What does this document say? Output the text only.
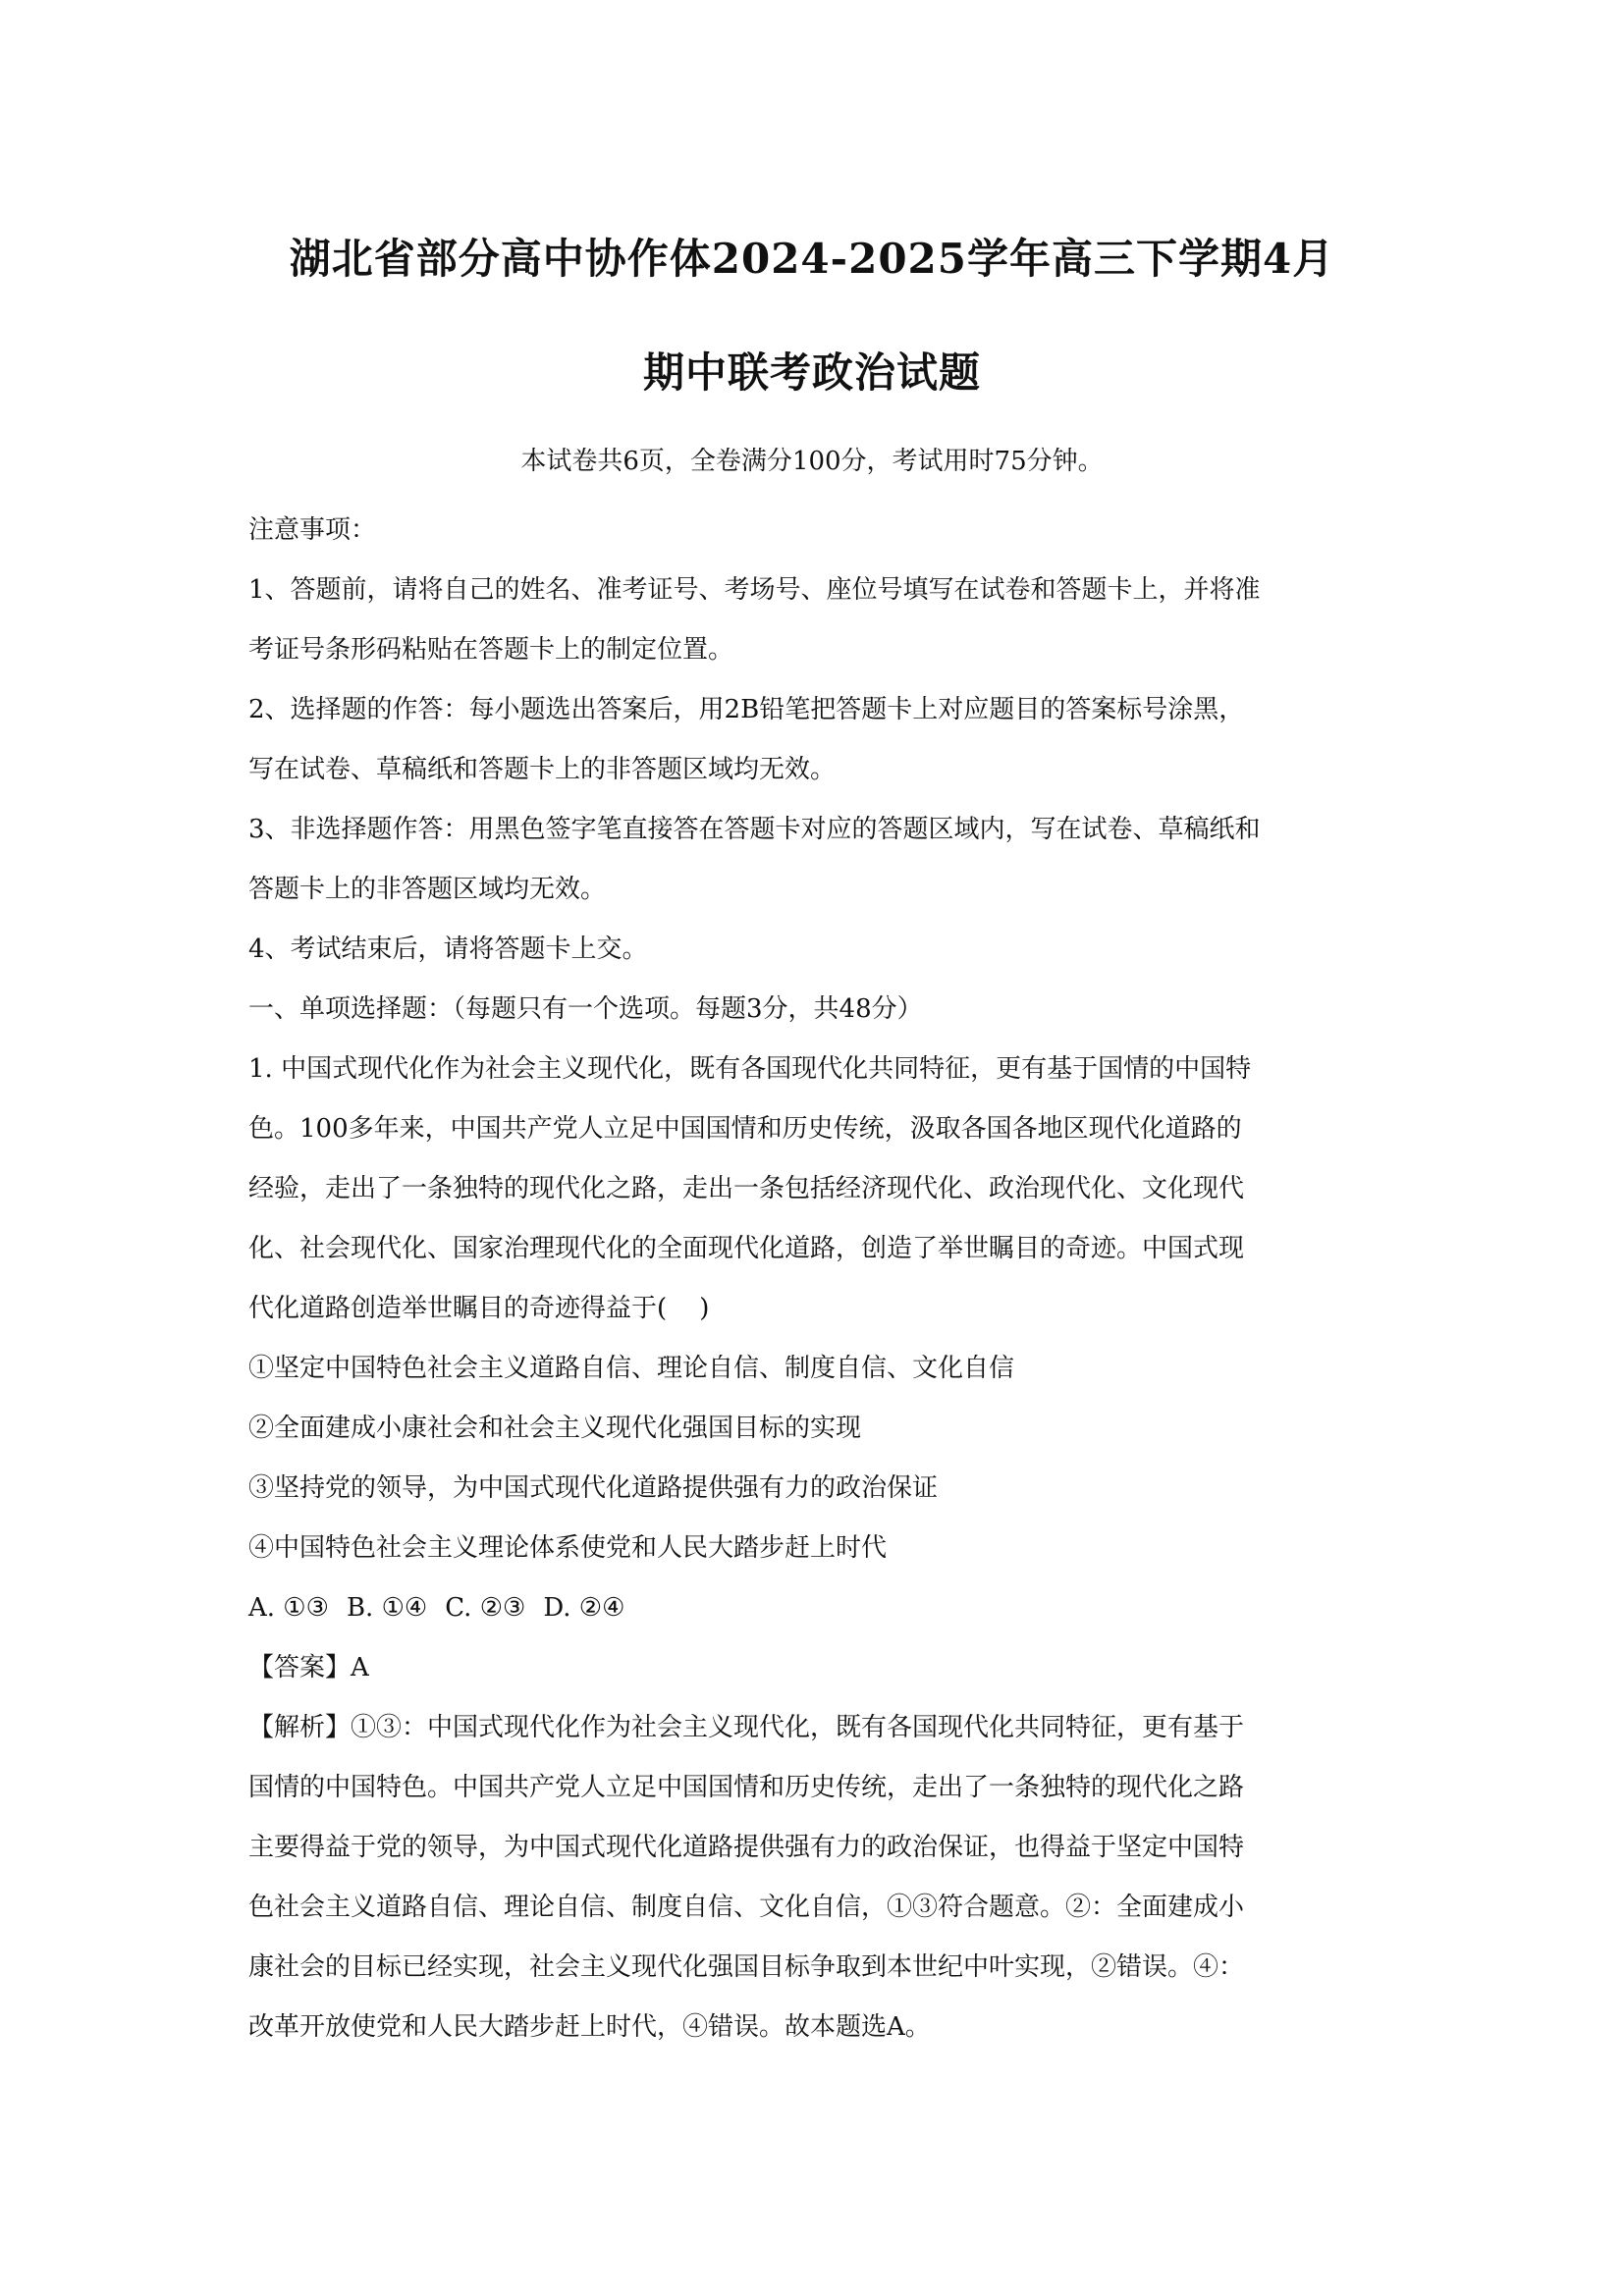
湖北省部分高中协作体2024-2025学年高三下学期4月
期中联考政治试题
本试卷共6页，全卷满分100分，考试用时75分钟。
注意事项：
1、答题前，请将自己的姓名、准考证号、考场号、座位号填写在试卷和答题卡上，并将准
考证号条形码粘贴在答题卡上的制定位置。
2、选择题的作答：每小题选出答案后，用2B铅笔把答题卡上对应题目的答案标号涂黑，
写在试卷、草稿纸和答题卡上的非答题区域均无效。
3、非选择题作答：用黑色签字笔直接答在答题卡对应的答题区域内，写在试卷、草稿纸和
答题卡上的非答题区域均无效。
4、考试结束后，请将答题卡上交。
一、单项选择题：（每题只有一个选项。每题3分，共48分）
1. 中国式现代化作为社会主义现代化，既有各国现代化共同特征，更有基于国情的中国特
色。100多年来，中国共产党人立足中国国情和历史传统，汲取各国各地区现代化道路的
经验，走出了一条独特的现代化之路，走出一条包括经济现代化、政治现代化、文化现代
化、社会现代化、国家治理现代化的全面现代化道路，创造了举世瞩目的奇迹。中国式现
代化道路创造举世瞩目的奇迹得益于(    )
①坚定中国特色社会主义道路自信、理论自信、制度自信、文化自信
②全面建成小康社会和社会主义现代化强国目标的实现
③坚持党的领导，为中国式现代化道路提供强有力的政治保证
④中国特色社会主义理论体系使党和人民大踏步赶上时代
A. ①③ B. ①④ C. ②③ D. ②④
【答案】A
【解析】①③：中国式现代化作为社会主义现代化，既有各国现代化共同特征，更有基于
国情的中国特色。中国共产党人立足中国国情和历史传统，走出了一条独特的现代化之路
主要得益于党的领导，为中国式现代化道路提供强有力的政治保证，也得益于坚定中国特
色社会主义道路自信、理论自信、制度自信、文化自信，①③符合题意。②：全面建成小
康社会的目标已经实现，社会主义现代化强国目标争取到本世纪中叶实现，②错误。④：
改革开放使党和人民大踏步赶上时代，④错误。故本题选A。
